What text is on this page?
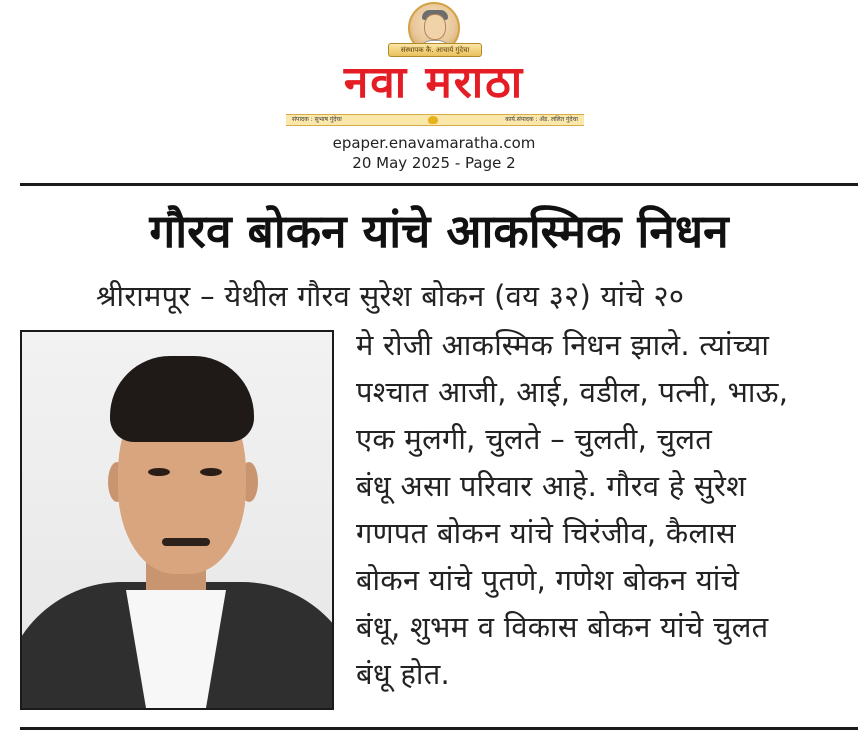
संस्थापक कै. आचार्य गुंदेचा
नवा मराठा
संपादक : सुभाष गुंदेचा	कार्य.संपादक : ॲड. ललित गुंदेचा
epaper.enavamaratha.com
20 May 2025 - Page 2
गौरव बोकन यांचे आकस्मिक निधन
श्रीरामपूर – येथील गौरव सुरेश बोकन (वय ३२) यांचे २०
मे रोजी आकस्मिक निधन झाले. त्यांच्या
पश्चात आजी, आई, वडील, पत्नी, भाऊ,
एक मुलगी, चुलते – चुलती, चुलत
बंधू असा परिवार आहे. गौरव हे सुरेश
गणपत बोकन यांचे चिरंजीव, कैलास
बोकन यांचे पुतणे, गणेश बोकन यांचे
बंधू, शुभम व विकास बोकन यांचे चुलत
बंधू होत.
